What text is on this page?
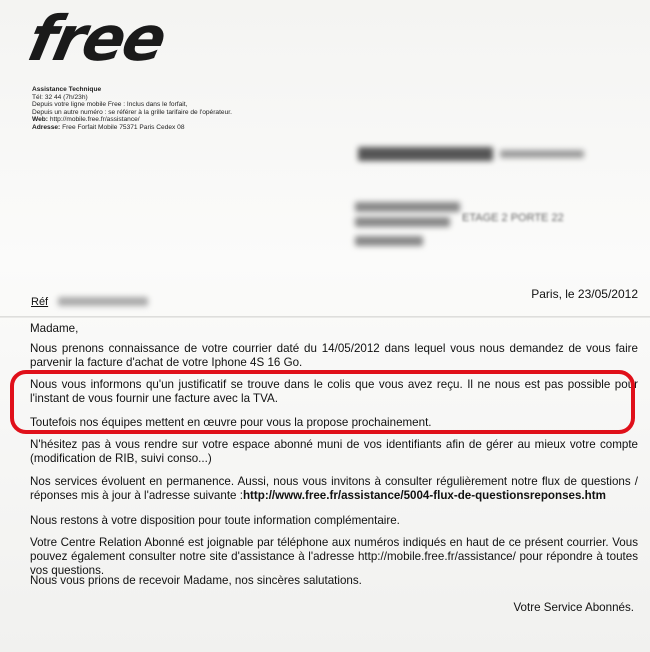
free
Assistance Technique
Tél: 32 44 (7h/23h)
Depuis votre ligne mobile Free : Inclus dans le forfait,
Depuis un autre numéro : se référer à la grille tarifaire de l'opérateur.
Web: http://mobile.free.fr/assistance/
Adresse: Free Forfait Mobile 75371 Paris Cedex 08
ETAGE 2 PORTE 22
Paris, le 23/05/2012
Réf

Madame,

Nous prenons connaissance de votre courrier daté du 14/05/2012 dans lequel vous nous demandez de vous faire parvenir la facture d'achat de votre Iphone 4S 16 Go.

Nous vous informons qu'un justificatif se trouve dans le colis que vous avez reçu. Il ne nous est pas possible pour l'instant de vous fournir une facture avec la TVA.

Toutefois nos équipes mettent en œuvre pour vous la propose prochainement.

N'hésitez pas à vous rendre sur votre espace abonné muni de vos identifiants afin de gérer au mieux votre compte (modification de RIB, suivi conso...)

Nos services évoluent en permanence. Aussi, nous vous invitons à consulter régulièrement notre flux de questions / réponses mis à jour à l'adresse suivante :http://www.free.fr/assistance/5004-flux-de-questionsreponses.htm

Nous restons à votre disposition pour toute information complémentaire.

Votre Centre Relation Abonné est joignable par téléphone aux numéros indiqués en haut de ce présent courrier. Vous pouvez également consulter notre site d'assistance à l'adresse http://mobile.free.fr/assistance/ pour répondre à toutes vos questions.

Nous vous prions de recevoir Madame, nos sincères salutations.

Votre Service Abonnés.
